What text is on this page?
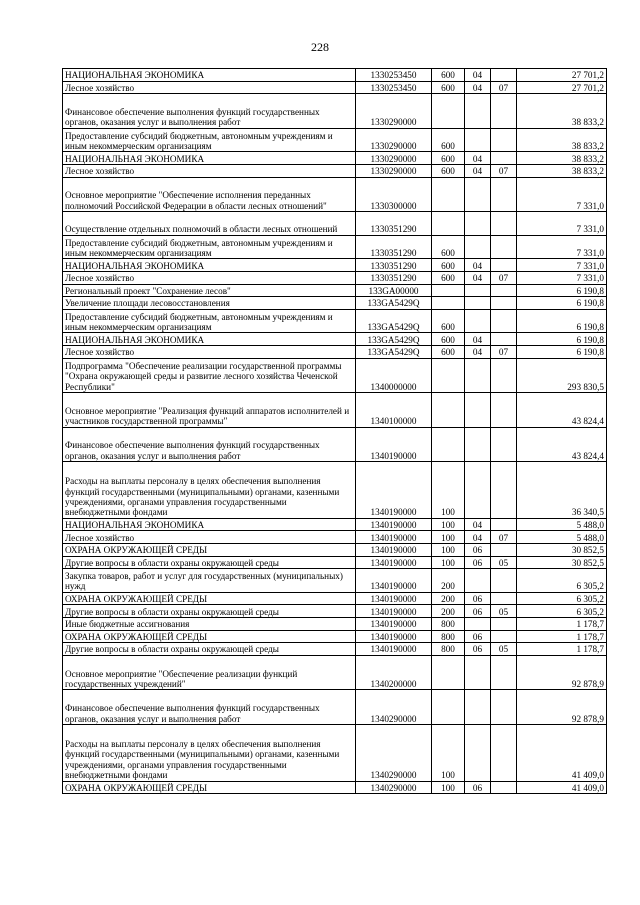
228
НАЦИОНАЛЬНАЯ ЭКОНОМИКА	1330253450	600	04		27 701,2
Лесное хозяйство	1330253450	600	04	07	27 701,2
Финансовое обеспечение выполнения функций государственных органов, оказания услуг и выполнения работ	1330290000				38 833,2
Предоставление субсидий бюджетным, автономным учреждениям и иным некоммерческим организациям	1330290000	600			38 833,2
НАЦИОНАЛЬНАЯ ЭКОНОМИКА	1330290000	600	04		38 833,2
Лесное хозяйство	1330290000	600	04	07	38 833,2
Основное мероприятие "Обеспечение исполнения переданных полномочий Российской Федерации в области лесных отношений"	1330300000				7 331,0
Осуществление отдельных полномочий в области лесных отношений	1330351290				7 331,0
Предоставление субсидий бюджетным, автономным учреждениям и иным некоммерческим организациям	1330351290	600			7 331,0
НАЦИОНАЛЬНАЯ ЭКОНОМИКА	1330351290	600	04		7 331,0
Лесное хозяйство	1330351290	600	04	07	7 331,0
Региональный проект "Сохранение лесов"	133GA00000				6 190,8
Увеличение площади лесовосстановления	133GA5429Q				6 190,8
Предоставление субсидий бюджетным, автономным учреждениям и иным некоммерческим организациям	133GA5429Q	600			6 190,8
НАЦИОНАЛЬНАЯ ЭКОНОМИКА	133GA5429Q	600	04		6 190,8
Лесное хозяйство	133GA5429Q	600	04	07	6 190,8
Подпрограмма "Обеспечение реализации государственной программы "Охрана окружающей среды и развитие лесного хозяйства Чеченской Республики"	1340000000				293 830,5
Основное мероприятие "Реализация функций аппаратов исполнителей и участников государственной программы"	1340100000				43 824,4
Финансовое обеспечение выполнения функций государственных органов, оказания услуг и выполнения работ	1340190000				43 824,4
Расходы на выплаты персоналу в целях обеспечения выполнения функций государственными (муниципальными) органами, казенными учреждениями, органами управления государственными внебюджетными фондами	1340190000	100			36 340,5
НАЦИОНАЛЬНАЯ ЭКОНОМИКА	1340190000	100	04		5 488,0
Лесное хозяйство	1340190000	100	04	07	5 488,0
ОХРАНА ОКРУЖАЮЩЕЙ СРЕДЫ	1340190000	100	06		30 852,5
Другие вопросы в области охраны окружающей среды	1340190000	100	06	05	30 852,5
Закупка товаров, работ и услуг для государственных (муниципальных) нужд	1340190000	200			6 305,2
ОХРАНА ОКРУЖАЮЩЕЙ СРЕДЫ	1340190000	200	06		6 305,2
Другие вопросы в области охраны окружающей среды	1340190000	200	06	05	6 305,2
Иные бюджетные ассигнования	1340190000	800			1 178,7
ОХРАНА ОКРУЖАЮЩЕЙ СРЕДЫ	1340190000	800	06		1 178,7
Другие вопросы в области охраны окружающей среды	1340190000	800	06	05	1 178,7
Основное мероприятие "Обеспечение реализации функций государственных учреждений"	1340200000				92 878,9
Финансовое обеспечение выполнения функций государственных органов, оказания услуг и выполнения работ	1340290000				92 878,9
Расходы на выплаты персоналу в целях обеспечения выполнения функций государственными (муниципальными) органами, казенными учреждениями, органами управления государственными внебюджетными фондами	1340290000	100			41 409,0
ОХРАНА ОКРУЖАЮЩЕЙ СРЕДЫ	1340290000	100	06		41 409,0
